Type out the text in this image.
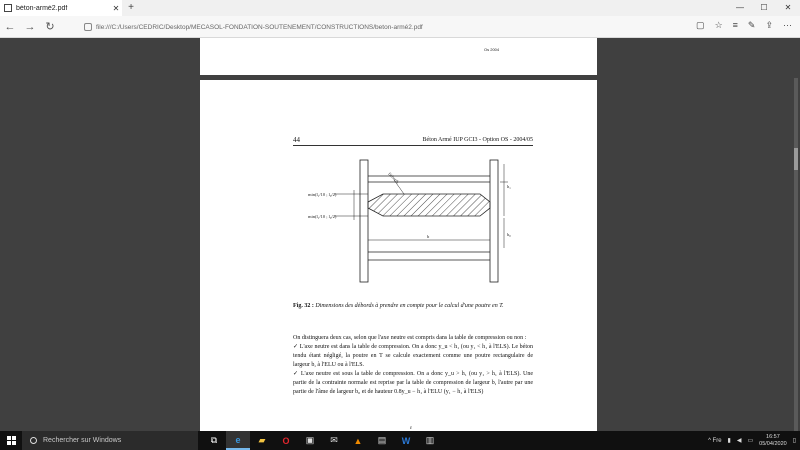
béton-armé2.pdf	✕ +	—	☐	✕
← → ↻	file:///C:/Users/CEDRIC/Desktop/MECASOL-FONDATION-SOUTENEMENT/CONSTRUCTIONS/beton-armé2.pdf	▢ ☆ ≡ ✎ ⇪ ···
Os 2004
44	Béton Armé IUP GCI3 - Option OS - 2004/05
min(l₁/10 ; l₀/2)
min(l₁/10 ; l₀/2)
Débords
b
h₁
b₀
Fig. 32 : Dimensions des débords à prendre en compte pour le calcul d'une poutre en T.

On distinguera deux cas, selon que l'axe neutre est compris dans la table de compression ou non :

✓ L'axe neutre est dans la table de compression. On a donc y_u < h₁ (ou y₁ < h₁ à l'ELS). Le béton tendu étant négligé, la poutre en T se calcule exactement comme une poutre rectangulaire de largeur b, à l'ELU ou à l'ELS.

✓ L'axe neutre est sous la table de compression. On a donc y_u > h₁ (ou y₁ > h₁ à l'ELS). Une partie de la contrainte normale est reprise par la table de compression de largeur b, l'autre par une partie de l'âme de largeur b₀ et de hauteur 0.8y_u − h₁ à l'ELU (y₁ − h₁ à l'ELS)

ε
Rechercher sur Windows	⧉	e	▰	O	▣	✉	▲	▤	W	▥	^ Fre ▮ ◀ ▭
16:57
05/04/2020 ▯
